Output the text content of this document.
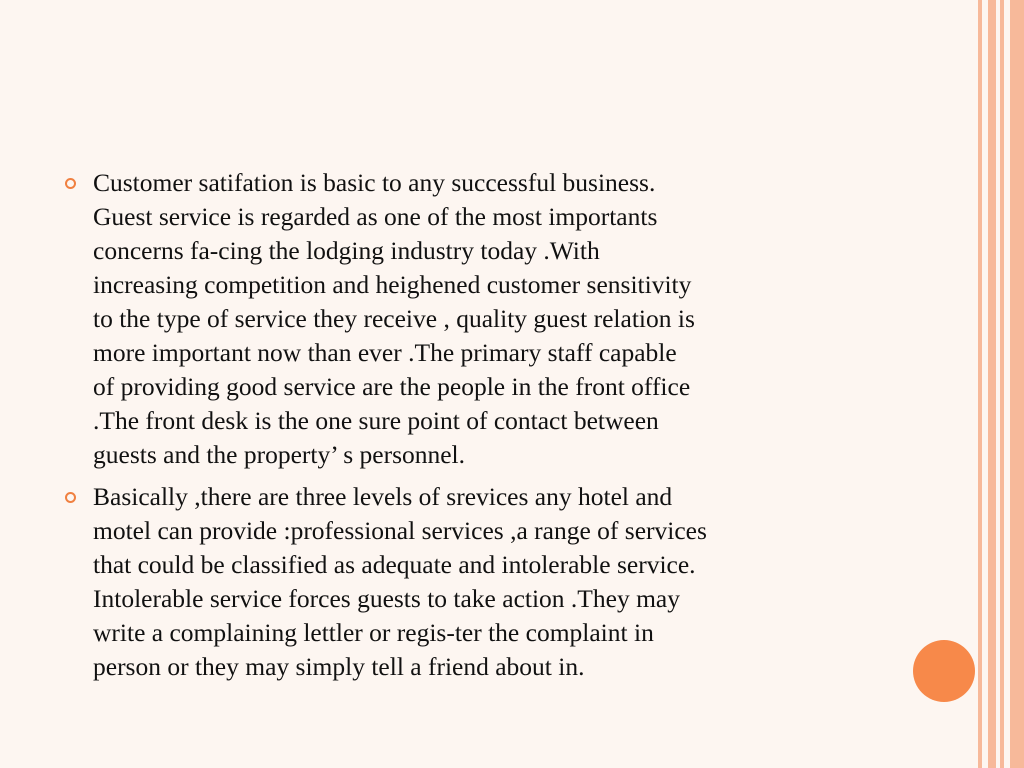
Customer satifation is basic to any successful business.
Guest service is regarded as one of the most importants
concerns fa-cing the lodging industry today .With
increasing competition and heighened customer sensitivity
to the type of service they receive , quality guest relation is
more important now than ever .The primary staff capable
of providing good service are the people in the front office
.The front desk is the one sure point of contact between
guests and the property’ s personnel.
Basically ,there are three levels of srevices any hotel and
motel can provide :professional services ,a range of services
that could be classified as adequate and intolerable service.
Intolerable service forces guests to take action .They may
write a complaining lettler or regis-ter the complaint in
person or they may simply tell a friend about in.
